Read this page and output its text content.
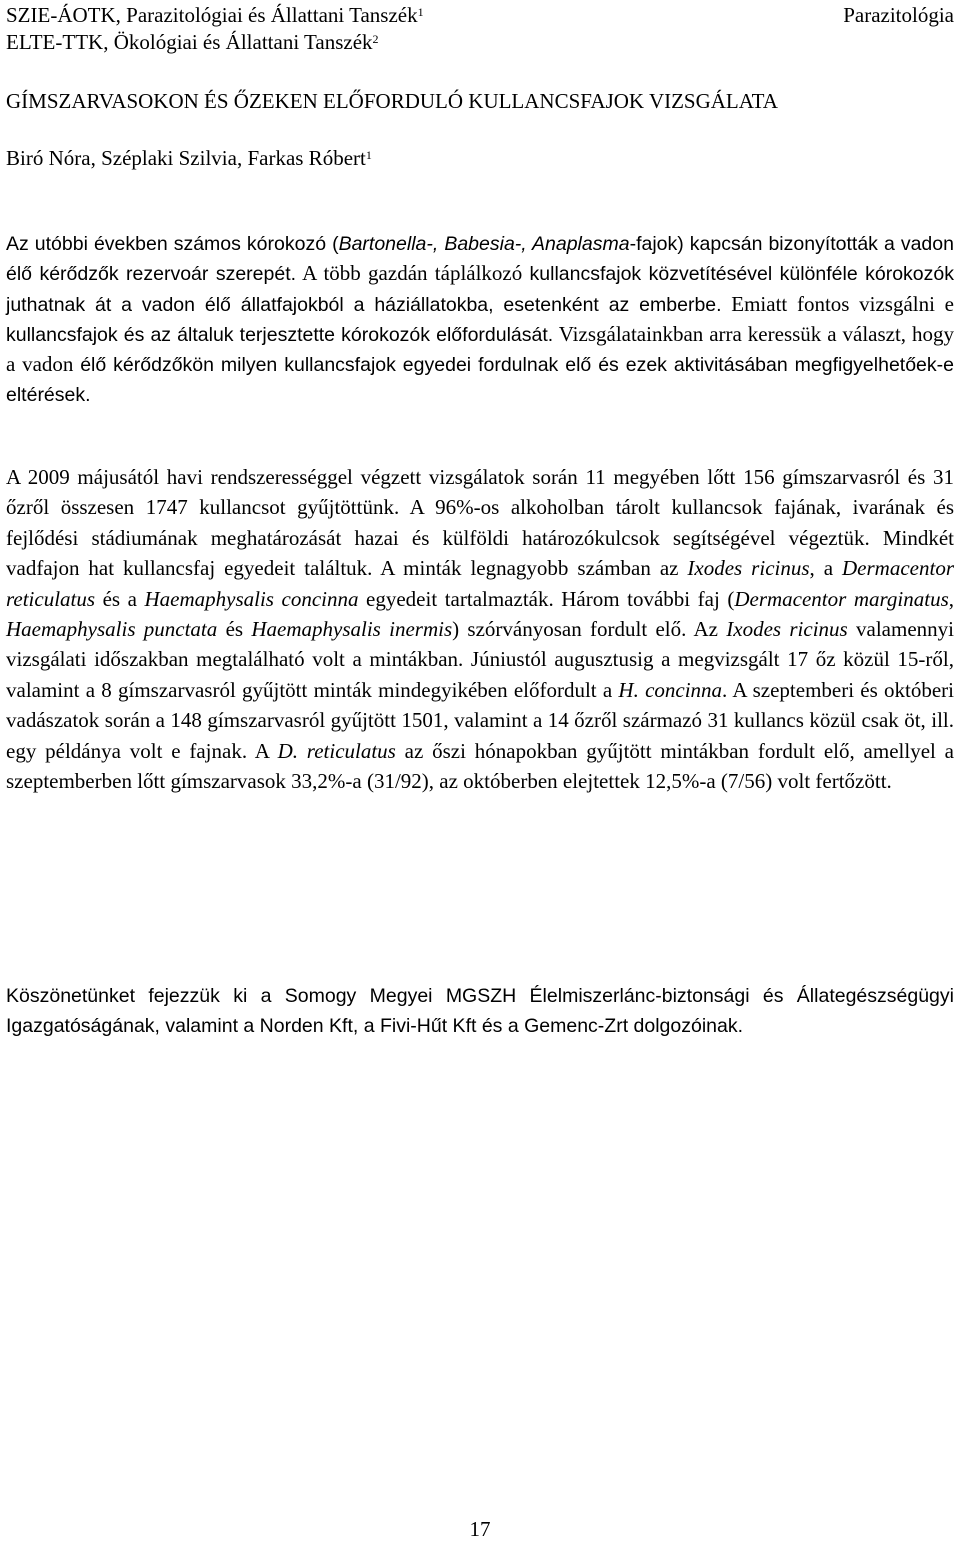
SZIE-ÁOTK, Parazitológiai és Állattani Tanszék$^1$
ELTE-TTK, Ökológiai és Állattani Tanszék$^2$
Parazitológia
GÍMSZARVASOKON ÉS ŐZEKEN ELŐFORDULÓ KULLANCSFAJOK VIZSGÁLATA
Biró Nóra, Széplaki Szilvia, Farkas Róbert$^1$

Az utóbbi években számos kórokozó (Bartonella-, Babesia-, Anaplasma-fajok) kapcsán bizonyították a vadon élő kérődzők rezervoár szerepét. A több gazdán táplálkozó kullancsfajok közvetítésével különféle kórokozók juthatnak át a vadon élő állatfajokból a háziállatokba, esetenként az emberbe. Emiatt fontos vizsgálni e kullancsfajok és az általuk terjesztette kórokozók előfordulását. Vizsgálatainkban arra keressük a választ, hogy a vadon élő kérődzőkön milyen kullancsfajok egyedei fordulnak elő és ezek aktivitásában megfigyelhetőek-e eltérések.

A 2009 májusától havi rendszerességgel végzett vizsgálatok során 11 megyében lőtt 156 gímszarvasról és 31 őzről összesen 1747 kullancsot gyűjtöttünk. A 96%-os alkoholban tárolt kullancsok fajának, ivarának és fejlődési stádiumának meghatározását hazai és külföldi határozókulcsok segítségével végeztük. Mindkét vadfajon hat kullancsfaj egyedeit találtuk. A minták legnagyobb számban az Ixodes ricinus, a Dermacentor reticulatus és a Haemaphysalis concinna egyedeit tartalmazták. Három további faj (Dermacentor marginatus, Haemaphysalis punctata és Haemaphysalis inermis) szórványosan fordult elő. Az Ixodes ricinus valamennyi vizsgálati időszakban megtalálható volt a mintákban. Júniustól augusztusig a megvizsgált 17 őz közül 15-ről, valamint a 8 gímszarvasról gyűjtött minták mindegyikében előfordult a H. concinna. A szeptemberi és októberi vadászatok során a 148 gímszarvasról gyűjtött 1501, valamint a 14 őzről származó 31 kullancs közül csak öt, ill. egy példánya volt e fajnak. A D. reticulatus az őszi hónapokban gyűjtött mintákban fordult elő, amellyel a szeptemberben lőtt gímszarvasok 33,2%-a (31/92), az októberben elejtettek 12,5%-a (7/56) volt fertőzött.

Köszönetünket fejezzük ki a Somogy Megyei MGSZH Élelmiszerlánc-biztonsági és Állategészségügyi Igazgatóságának, valamint a Norden Kft, a Fivi-Hűt Kft és a Gemenc-Zrt dolgozóinak.

17
